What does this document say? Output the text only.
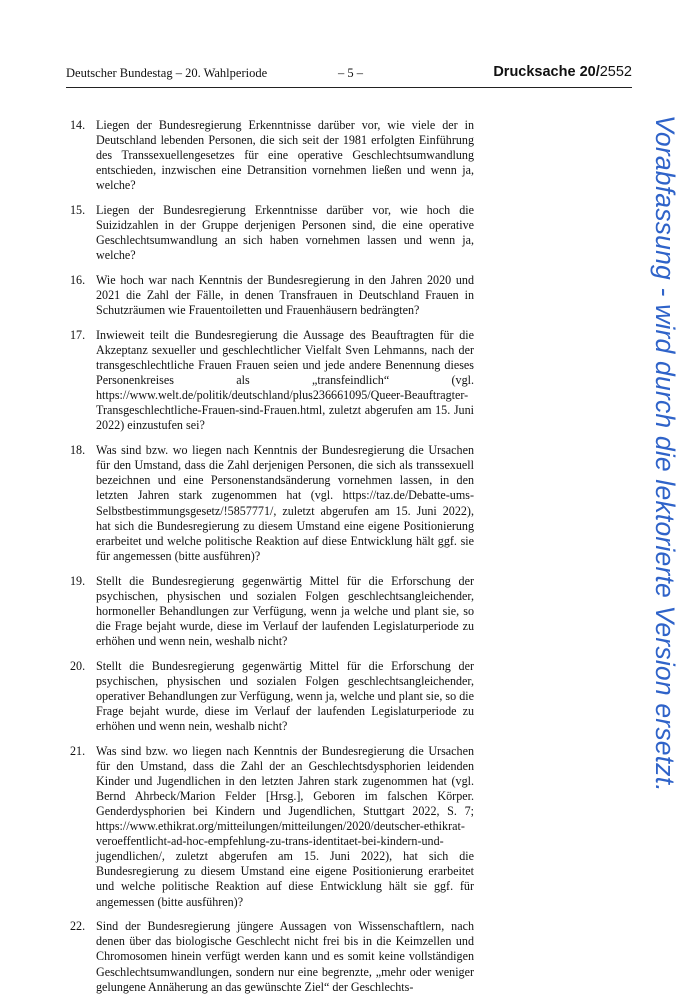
Deutscher Bundestag – 20. Wahlperiode	– 5 –	Drucksache 20/2552
14. Liegen der Bundesregierung Erkenntnisse darüber vor, wie viele der in Deutschland lebenden Personen, die sich seit der 1981 erfolgten Einführung des Transsexuellengesetzes für eine operative Geschlechtsumwandlung entschieden, inzwischen eine Detransition vornehmen ließen und wenn ja, welche?
15. Liegen der Bundesregierung Erkenntnisse darüber vor, wie hoch die Suizidzahlen in der Gruppe derjenigen Personen sind, die eine operative Geschlechtsumwandlung an sich haben vornehmen lassen und wenn ja, welche?
16. Wie hoch war nach Kenntnis der Bundesregierung in den Jahren 2020 und 2021 die Zahl der Fälle, in denen Transfrauen in Deutschland Frauen in Schutzräumen wie Frauentoiletten und Frauenhäusern bedrängten?
17. Inwieweit teilt die Bundesregierung die Aussage des Beauftragten für die Akzeptanz sexueller und geschlechtlicher Vielfalt Sven Lehmanns, nach der transgeschlechtliche Frauen Frauen seien und jede andere Benennung dieses Personenkreises als „transfeindlich“ (vgl. https://www.welt.de/politik/deutschland/plus236661095/Queer-Beauftragter-Transgeschlechtliche-Frauen-sind-Frauen.html, zuletzt abgerufen am 15. Juni 2022) einzustufen sei?
18. Was sind bzw. wo liegen nach Kenntnis der Bundesregierung die Ursachen für den Umstand, dass die Zahl derjenigen Personen, die sich als transsexuell bezeichnen und eine Personenstandsänderung vornehmen lassen, in den letzten Jahren stark zugenommen hat (vgl. https://taz.de/Debatte-ums-Selbstbestimmungsgesetz/!5857771/, zuletzt abgerufen am 15. Juni 2022), hat sich die Bundesregierung zu diesem Umstand eine eigene Positionierung erarbeitet und welche politische Reaktion auf diese Entwicklung hält ggf. sie für angemessen (bitte ausführen)?
19. Stellt die Bundesregierung gegenwärtig Mittel für die Erforschung der psychischen, physischen und sozialen Folgen geschlechtsangleichender, hormoneller Behandlungen zur Verfügung, wenn ja welche und plant sie, so die Frage bejaht wurde, diese im Verlauf der laufenden Legislaturperiode zu erhöhen und wenn nein, weshalb nicht?
20. Stellt die Bundesregierung gegenwärtig Mittel für die Erforschung der psychischen, physischen und sozialen Folgen geschlechtsangleichender, operativer Behandlungen zur Verfügung, wenn ja, welche und plant sie, so die Frage bejaht wurde, diese im Verlauf der laufenden Legislaturperiode zu erhöhen und wenn nein, weshalb nicht?
21. Was sind bzw. wo liegen nach Kenntnis der Bundesregierung die Ursachen für den Umstand, dass die Zahl der an Geschlechtsdysphorien leidenden Kinder und Jugendlichen in den letzten Jahren stark zugenommen hat (vgl. Bernd Ahrbeck/Marion Felder [Hrsg.], Geboren im falschen Körper. Genderdysphorien bei Kindern und Jugendlichen, Stuttgart 2022, S. 7; https://www.ethikrat.org/mitteilungen/mitteilungen/2020/deutscher-ethikrat-veroeffentlicht-ad-hoc-empfehlung-zu-trans-identitaet-bei-kindern-und-jugendlichen/, zuletzt abgerufen am 15. Juni 2022), hat sich die Bundesregierung zu diesem Umstand eine eigene Positionierung erarbeitet und welche politische Reaktion auf diese Entwicklung hält sie ggf. für angemessen (bitte ausführen)?
22. Sind der Bundesregierung jüngere Aussagen von Wissenschaftlern, nach denen über das biologische Geschlecht nicht frei bis in die Keimzellen und Chromosomen hinein verfügt werden kann und es somit keine vollständigen Geschlechtsumwandlungen, sondern nur eine begrenzte, „mehr oder weniger gelungene Annäherung an das gewünschte Ziel“ der Geschlechts-
Vorabfassung - wird durch die lektorierte Version ersetzt.
